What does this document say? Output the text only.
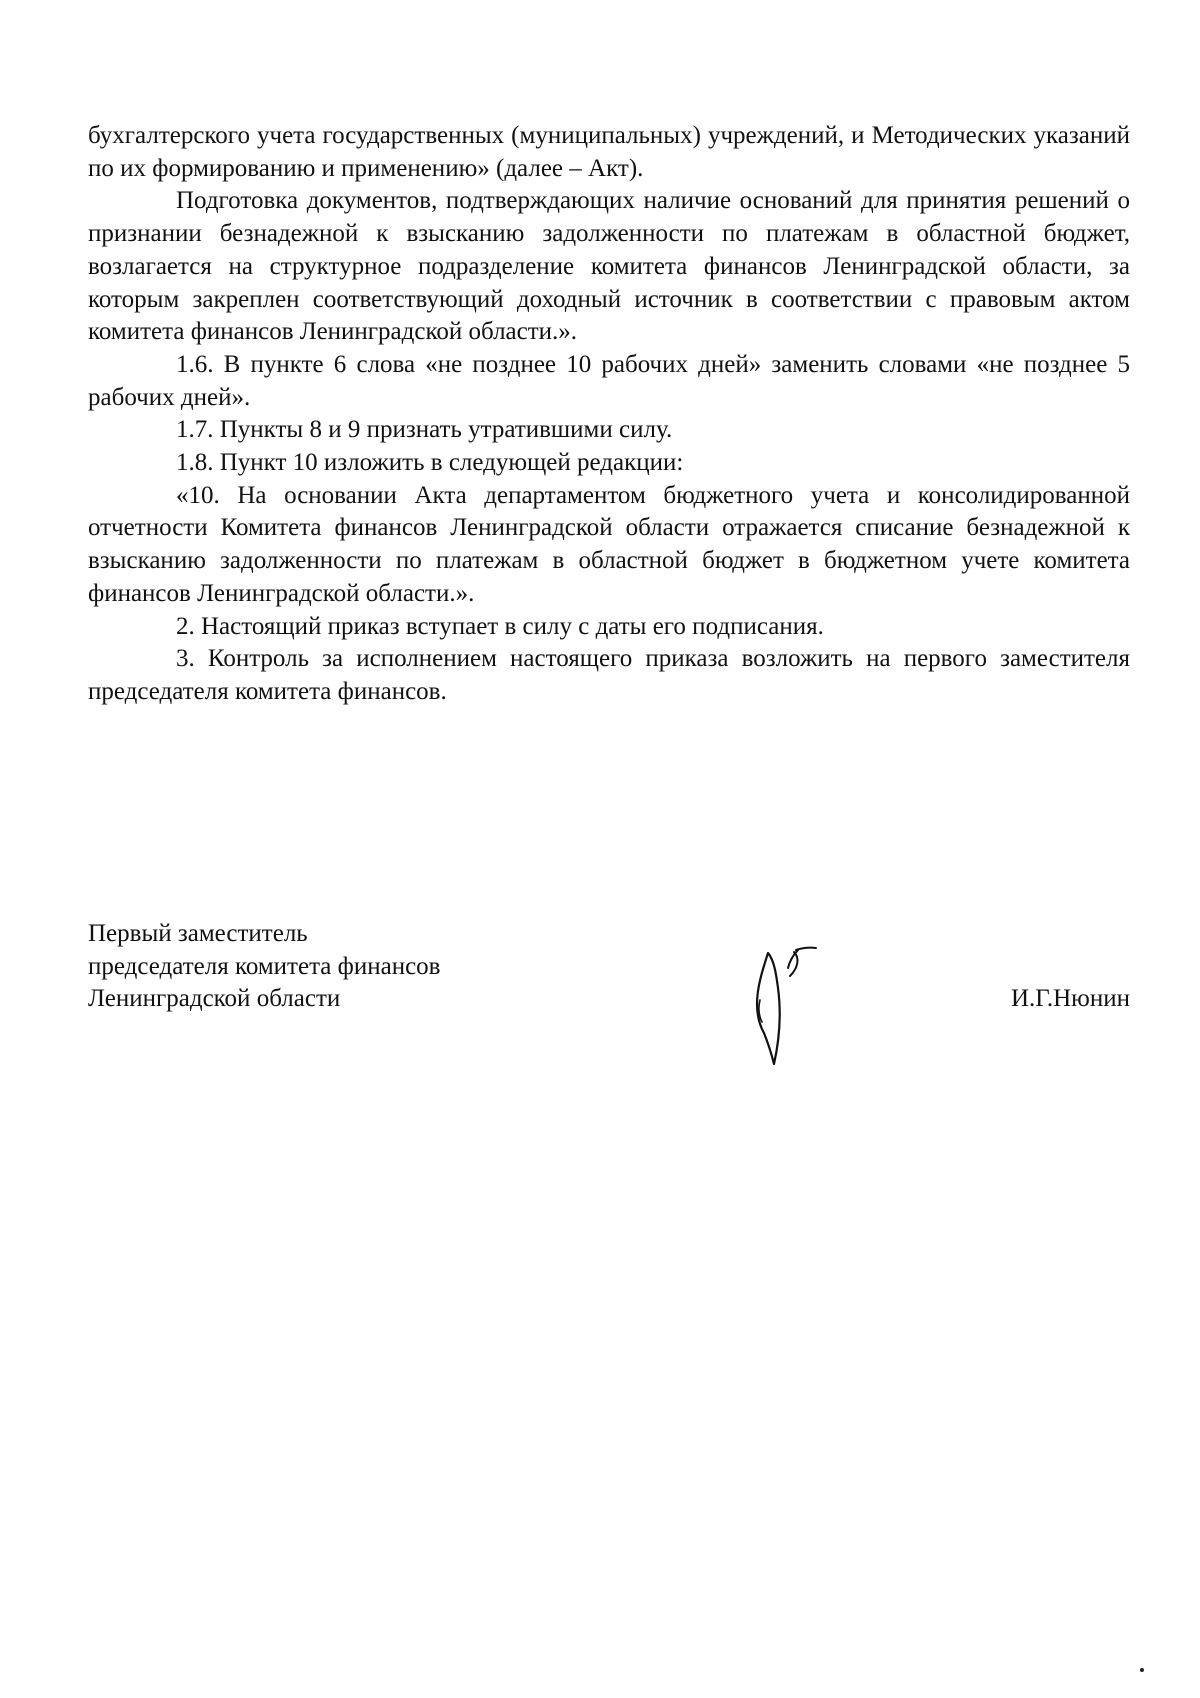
бухгалтерского учета государственных (муниципальных) учреждений, и Методических указаний по их формированию и применению» (далее – Акт).

Подготовка документов, подтверждающих наличие оснований для принятия решений о признании безнадежной к взысканию задолженности по платежам в областной бюджет, возлагается на структурное подразделение комитета финансов Ленинградской области, за которым закреплен соответствующий доходный источник в соответствии с правовым актом комитета финансов Ленинградской области.».

1.6. В пункте 6 слова «не позднее 10 рабочих дней» заменить словами «не позднее 5 рабочих дней».

1.7. Пункты 8 и 9 признать утратившими силу.

1.8. Пункт 10 изложить в следующей редакции:

«10. На основании Акта департаментом бюджетного учета и консолидированной отчетности Комитета финансов Ленинградской области отражается списание безнадежной к взысканию задолженности по платежам в областной бюджет в бюджетном учете комитета финансов Ленинградской области.».

2. Настоящий приказ вступает в силу с даты его подписания.

3. Контроль за исполнением настоящего приказа возложить на первого заместителя председателя комитета финансов.

Первый заместитель
председателя комитета финансов
Ленинградской области	И.Г.Нюнин
